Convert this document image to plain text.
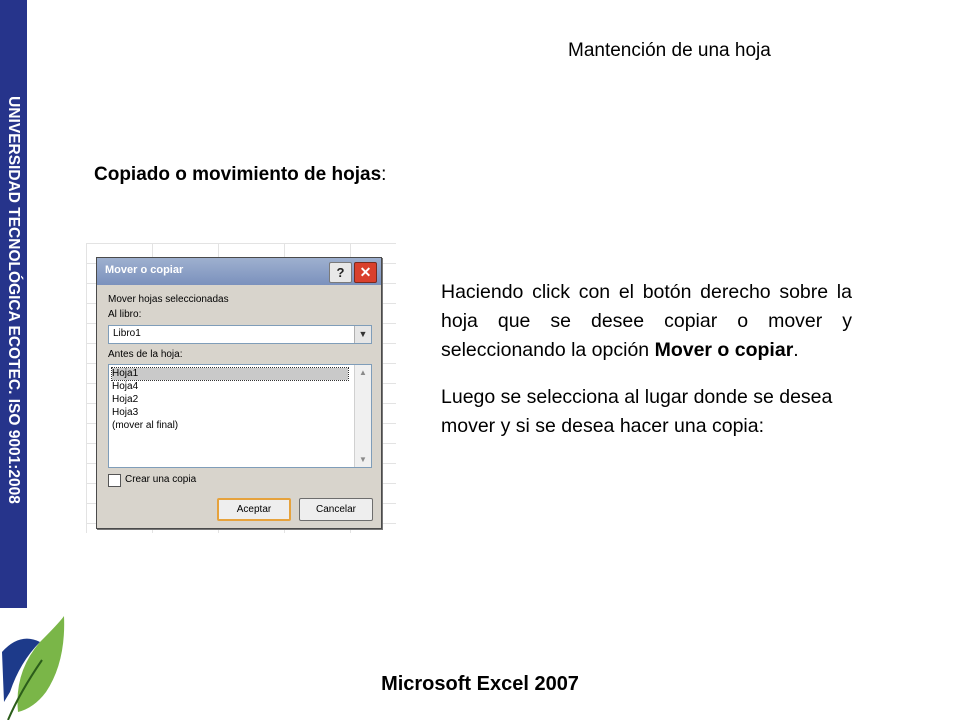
UNIVERSIDAD TECNOLÓGICA ECOTEC. ISO 9001:2008
Mantención de una hoja
Copiado o movimiento de hojas:
Mover o copiar	?	✕
Mover hojas seleccionadas
Al libro:
Libro1	▼
Antes de la hoja:
Hoja1
Hoja4
Hoja2
Hoja3
(mover al final)
▲
▼
Crear una copia
Aceptar	Cancelar

Haciendo click con el botón derecho sobre la hoja que se desee copiar o mover y seleccionando la opción Mover o copiar.

Luego se selecciona al lugar donde se desea mover y si se desea hacer una copia:

Microsoft Excel 2007
